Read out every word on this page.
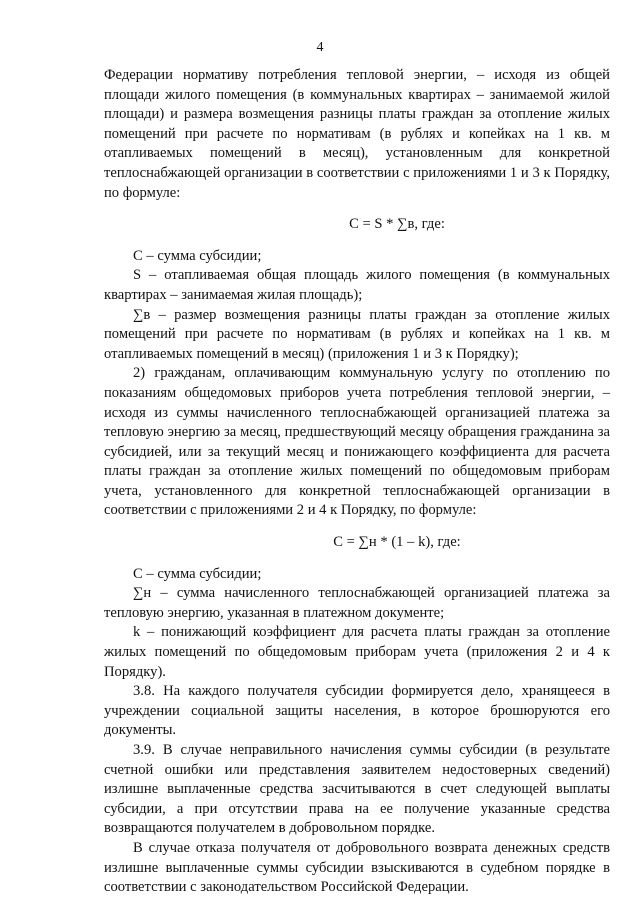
4

Федерации нормативу потребления тепловой энергии, – исходя из общей площади жилого помещения (в коммунальных квартирах – занимаемой жилой площади) и размера возмещения разницы платы граждан за отопление жилых помещений при расчете по нормативам (в рублях и копейках на 1 кв. м отапливаемых помещений в месяц), установленным для конкретной теплоснабжающей организации в соответствии с приложениями 1 и 3 к Порядку, по формуле:

С = S * ∑в, где:

С – сумма субсидии;

S – отапливаемая общая площадь жилого помещения (в коммунальных квартирах – занимаемая жилая площадь);

∑в – размер возмещения разницы платы граждан за отопление жилых помещений при расчете по нормативам (в рублях и копейках на 1 кв. м отапливаемых помещений в месяц) (приложения 1 и 3 к Порядку);

2) гражданам, оплачивающим коммунальную услугу по отоплению по показаниям общедомовых приборов учета потребления тепловой энергии, – исходя из суммы начисленного теплоснабжающей организацией платежа за тепловую энергию за месяц, предшествующий месяцу обращения гражданина за субсидией, или за текущий месяц и понижающего коэффициента для расчета платы граждан за отопление жилых помещений по общедомовым приборам учета, установленного для конкретной теплоснабжающей организации в соответствии с приложениями 2 и 4 к Порядку, по формуле:

С = ∑н * (1 – k), где:

С – сумма субсидии;

∑н – сумма начисленного теплоснабжающей организацией платежа за тепловую энергию, указанная в платежном документе;

k – понижающий коэффициент для расчета платы граждан за отопление жилых помещений по общедомовым приборам учета (приложения 2 и 4 к Порядку).

3.8. На каждого получателя субсидии формируется дело, хранящееся в учреждении социальной защиты населения, в которое брошюруются его документы.

3.9. В случае неправильного начисления суммы субсидии (в результате счетной ошибки или представления заявителем недостоверных сведений) излишне выплаченные средства засчитываются в счет следующей выплаты субсидии, а при отсутствии права на ее получение указанные средства возвращаются получателем в добровольном порядке.

В случае отказа получателя от добровольного возврата денежных средств излишне выплаченные суммы субсидии взыскиваются в судебном порядке в соответствии с законодательством Российской Федерации.
